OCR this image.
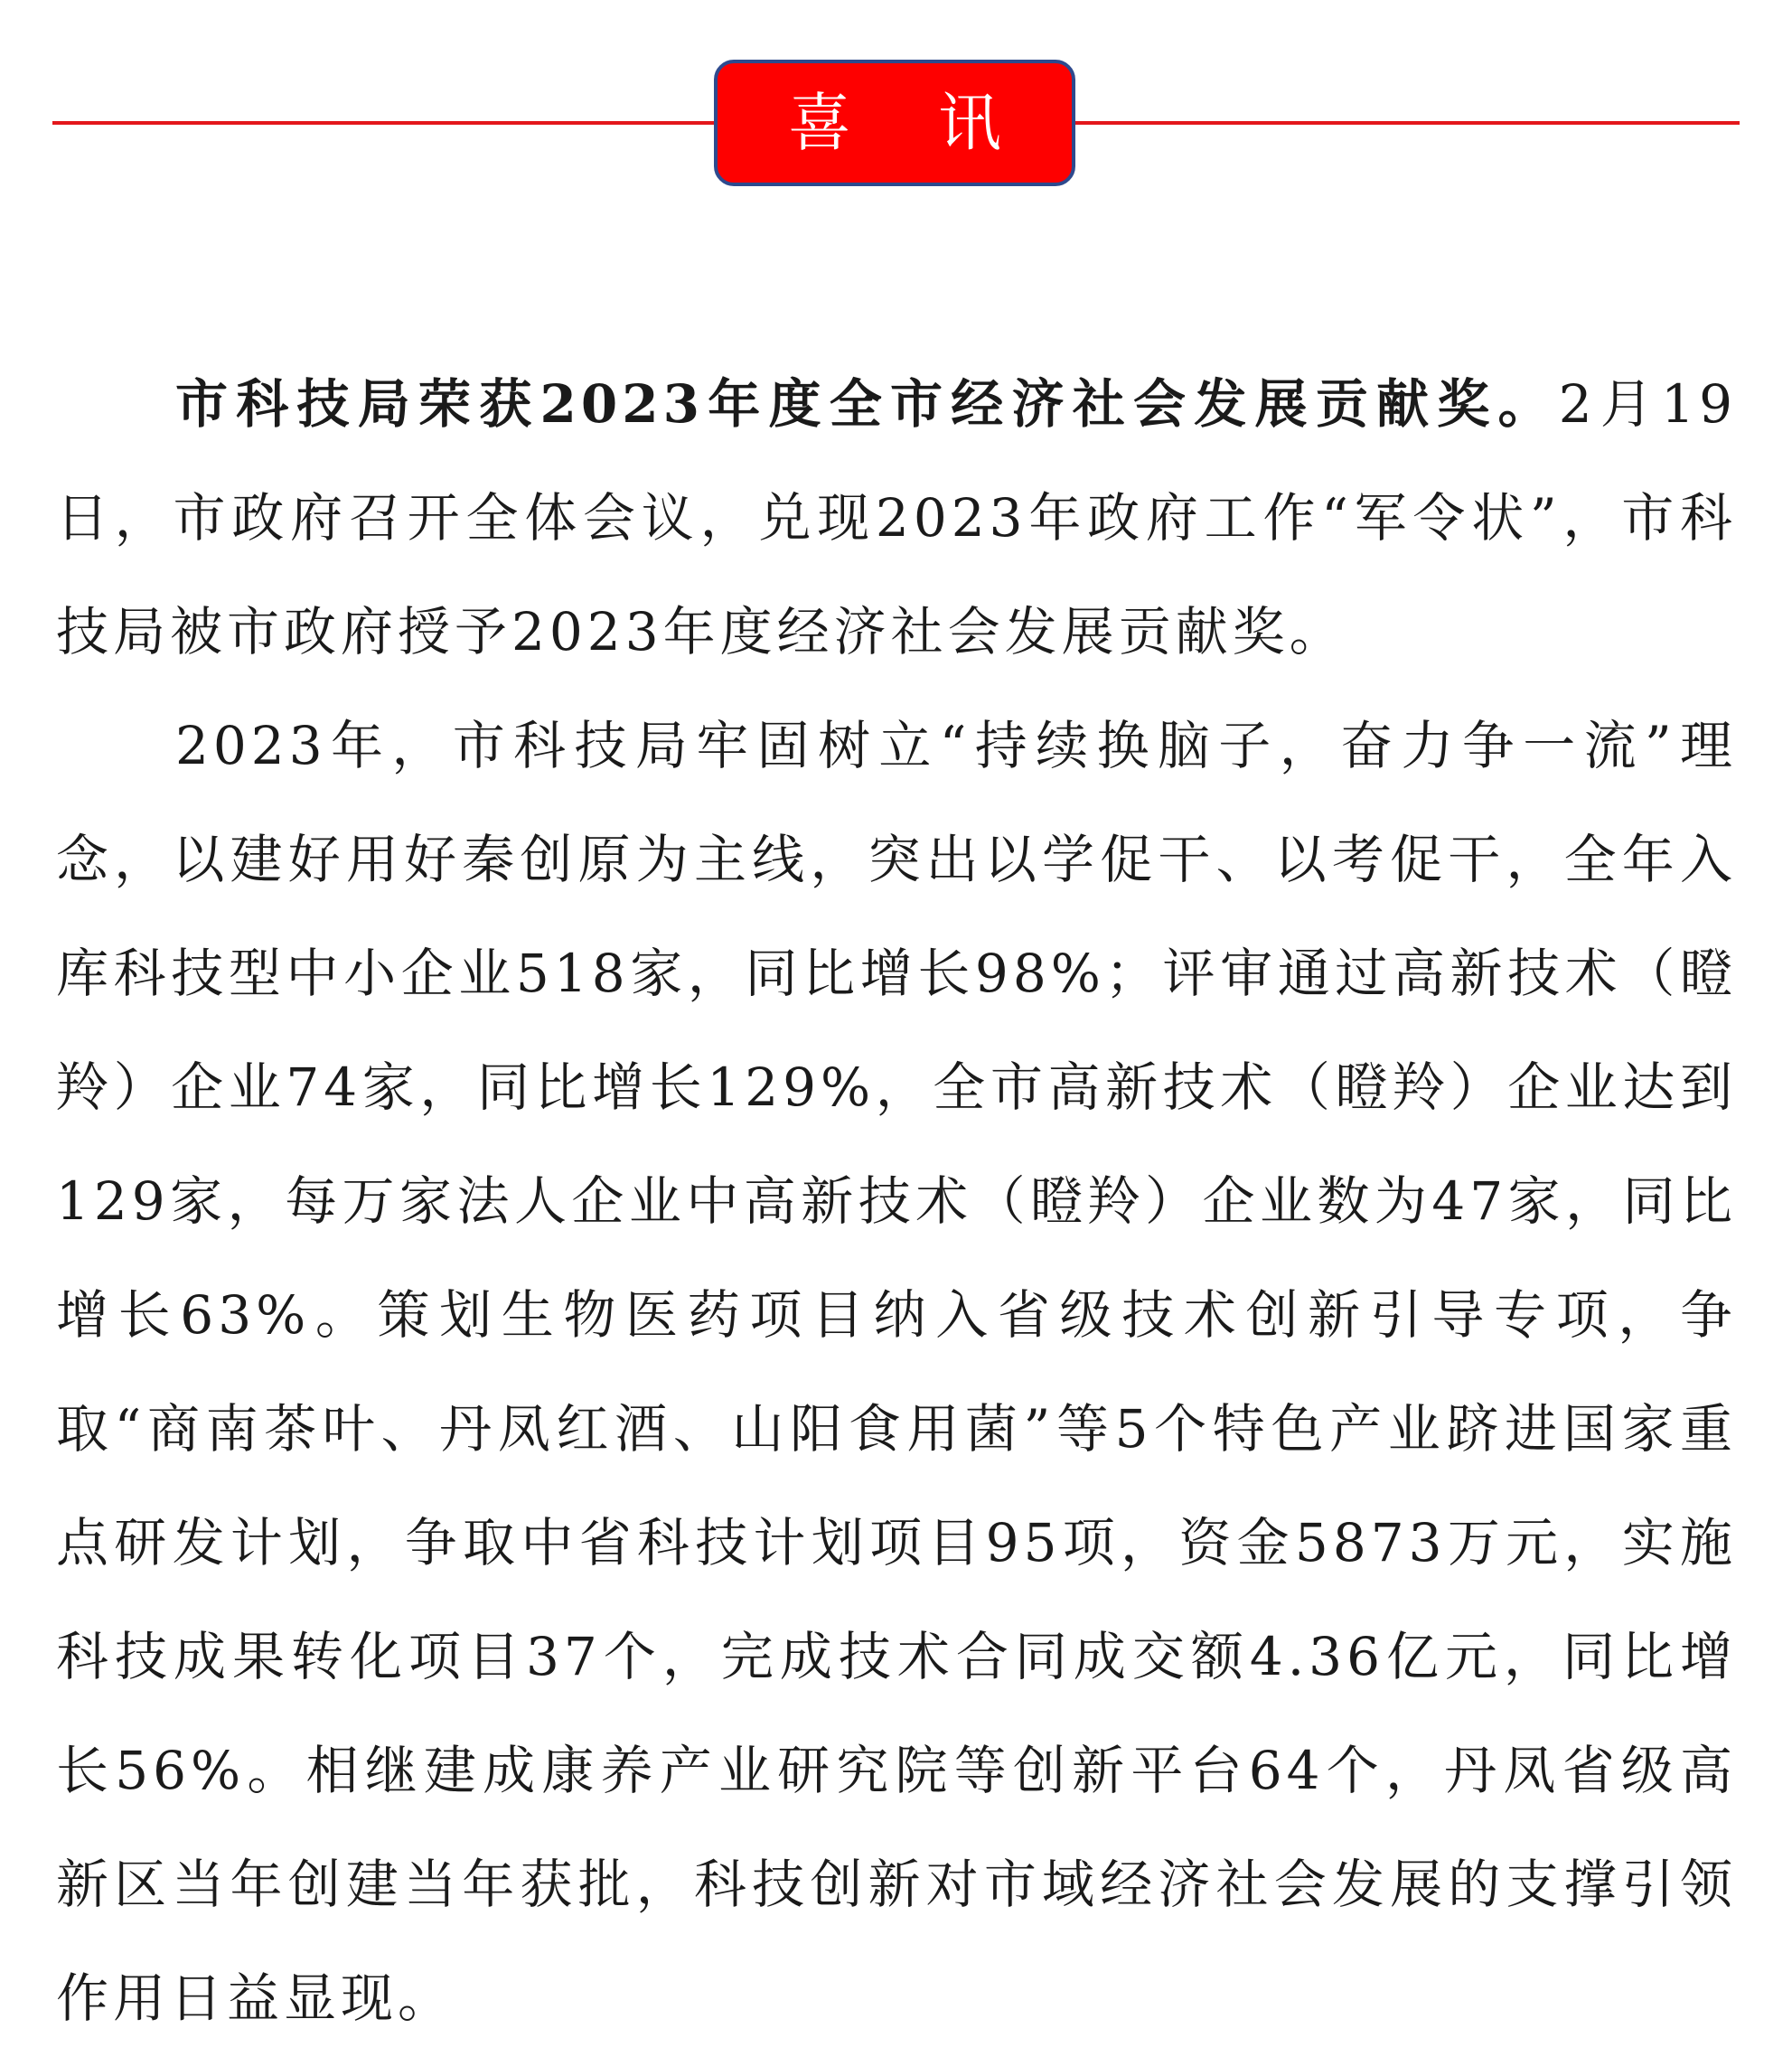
喜讯

市科技局荣获2023年度全市经济社会发展贡献奖。2月19日，市政府召开全体会议，兑现2023年政府工作“军令状”，市科技局被市政府授予2023年度经济社会发展贡献奖。

2023年，市科技局牢固树立“持续换脑子，奋力争一流”理念，以建好用好秦创原为主线，突出以学促干、以考促干，全年入库科技型中小企业518家，同比增长98%；评审通过高新技术（瞪羚）企业74家，同比增长129%，全市高新技术（瞪羚）企业达到129家，每万家法人企业中高新技术（瞪羚）企业数为47家，同比增长63%。策划生物医药项目纳入省级技术创新引导专项，争取“商南茶叶、丹凤红酒、山阳食用菌”等5个特色产业跻进国家重点研发计划，争取中省科技计划项目95项，资金5873万元，实施科技成果转化项目37个，完成技术合同成交额4.36亿元，同比增长56%。相继建成康养产业研究院等创新平台64个，丹凤省级高新区当年创建当年获批，科技创新对市域经济社会发展的支撑引领作用日益显现。
